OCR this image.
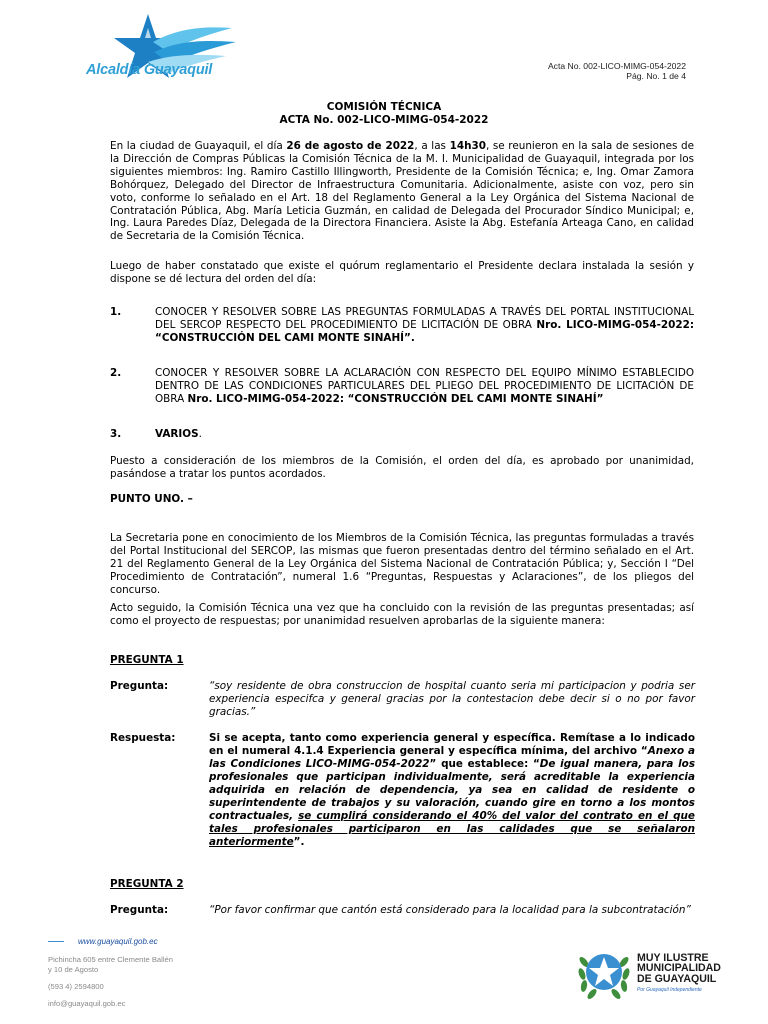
Alcaldía Guayaquil	Acta No. 002-LICO-MIMG-054-2022
Pág. No. 1 de 4
COMISIÓN TÉCNICA
ACTA No. 002-LICO-MIMG-054-2022
En la ciudad de Guayaquil, el día 26 de agosto de 2022, a las 14h30, se reunieron en la sala de sesiones de la Dirección de Compras Públicas la Comisión Técnica de la M. I. Municipalidad de Guayaquil, integrada por los siguientes miembros: Ing. Ramiro Castillo Illingworth, Presidente de la Comisión Técnica; e, Ing. Omar Zamora Bohórquez, Delegado del Director de Infraestructura Comunitaria. Adicionalmente, asiste con voz, pero sin voto, conforme lo señalado en el Art. 18 del Reglamento General a la Ley Orgánica del Sistema Nacional de Contratación Pública, Abg. María Leticia Guzmán, en calidad de Delegada del Procurador Síndico Municipal; e, Ing. Laura Paredes Díaz, Delegada de la Directora Financiera. Asiste la Abg. Estefanía Arteaga Cano, en calidad de Secretaria de la Comisión Técnica.
Luego de haber constatado que existe el quórum reglamentario el Presidente declara instalada la sesión y dispone se dé lectura del orden del día:
1.	CONOCER Y RESOLVER SOBRE LAS PREGUNTAS FORMULADAS A TRAVÉS DEL PORTAL INSTITUCIONAL DEL SERCOP RESPECTO DEL PROCEDIMIENTO DE LICITACIÓN DE OBRA Nro. LICO-MIMG-054-2022: “CONSTRUCCIÓN DEL CAMI MONTE SINAHÍ”.
2.	CONOCER Y RESOLVER SOBRE LA ACLARACIÓN CON RESPECTO DEL EQUIPO MÍNIMO ESTABLECIDO DENTRO DE LAS CONDICIONES PARTICULARES DEL PLIEGO DEL PROCEDIMIENTO DE LICITACIÓN DE OBRA Nro. LICO-MIMG-054-2022: “CONSTRUCCIÓN DEL CAMI MONTE SINAHÍ”
3.	VARIOS.
Puesto a consideración de los miembros de la Comisión, el orden del día, es aprobado por unanimidad, pasándose a tratar los puntos acordados.
PUNTO UNO. –
La Secretaria pone en conocimiento de los Miembros de la Comisión Técnica, las preguntas formuladas a través del Portal Institucional del SERCOP, las mismas que fueron presentadas dentro del término señalado en el Art. 21 del Reglamento General de la Ley Orgánica del Sistema Nacional de Contratación Pública; y, Sección I “Del Procedimiento de Contratación”, numeral 1.6 “Preguntas, Respuestas y Aclaraciones”, de los pliegos del concurso.
Acto seguido, la Comisión Técnica una vez que ha concluido con la revisión de las preguntas presentadas; así como el proyecto de respuestas; por unanimidad resuelven aprobarlas de la siguiente manera:
PREGUNTA 1
Pregunta:	“soy residente de obra construccion de hospital cuanto seria mi participacion y podria ser experiencia especifca y general gracias por la contestacion debe decir si o no por favor gracias.”
Respuesta:	Si se acepta, tanto como experiencia general y específica. Remítase a lo indicado en el numeral 4.1.4 Experiencia general y específica mínima, del archivo “Anexo a las Condiciones LICO-MIMG-054-2022” que establece: “De igual manera, para los profesionales que participan individualmente, será acreditable la experiencia adquirida en relación de dependencia, ya sea en calidad de residente o superintendente de trabajos y su valoración, cuando gire en torno a los montos contractuales, se cumplirá considerando el 40% del valor del contrato en el que tales profesionales participaron en las calidades que se señalaron anteriormente”.
PREGUNTA 2
Pregunta:	“Por favor confirmar que cantón está considerado para la localidad para la subcontratación”
www.guayaquil.gob.ec
Pichincha 605 entre Clemente Ballén
y 10 de Agosto
(593 4) 2594800
info@guayaquil.gob.ec
MUY ILUSTRE
MUNICIPALIDAD
DE GUAYAQUIL
Por Guayaquil Independiente
